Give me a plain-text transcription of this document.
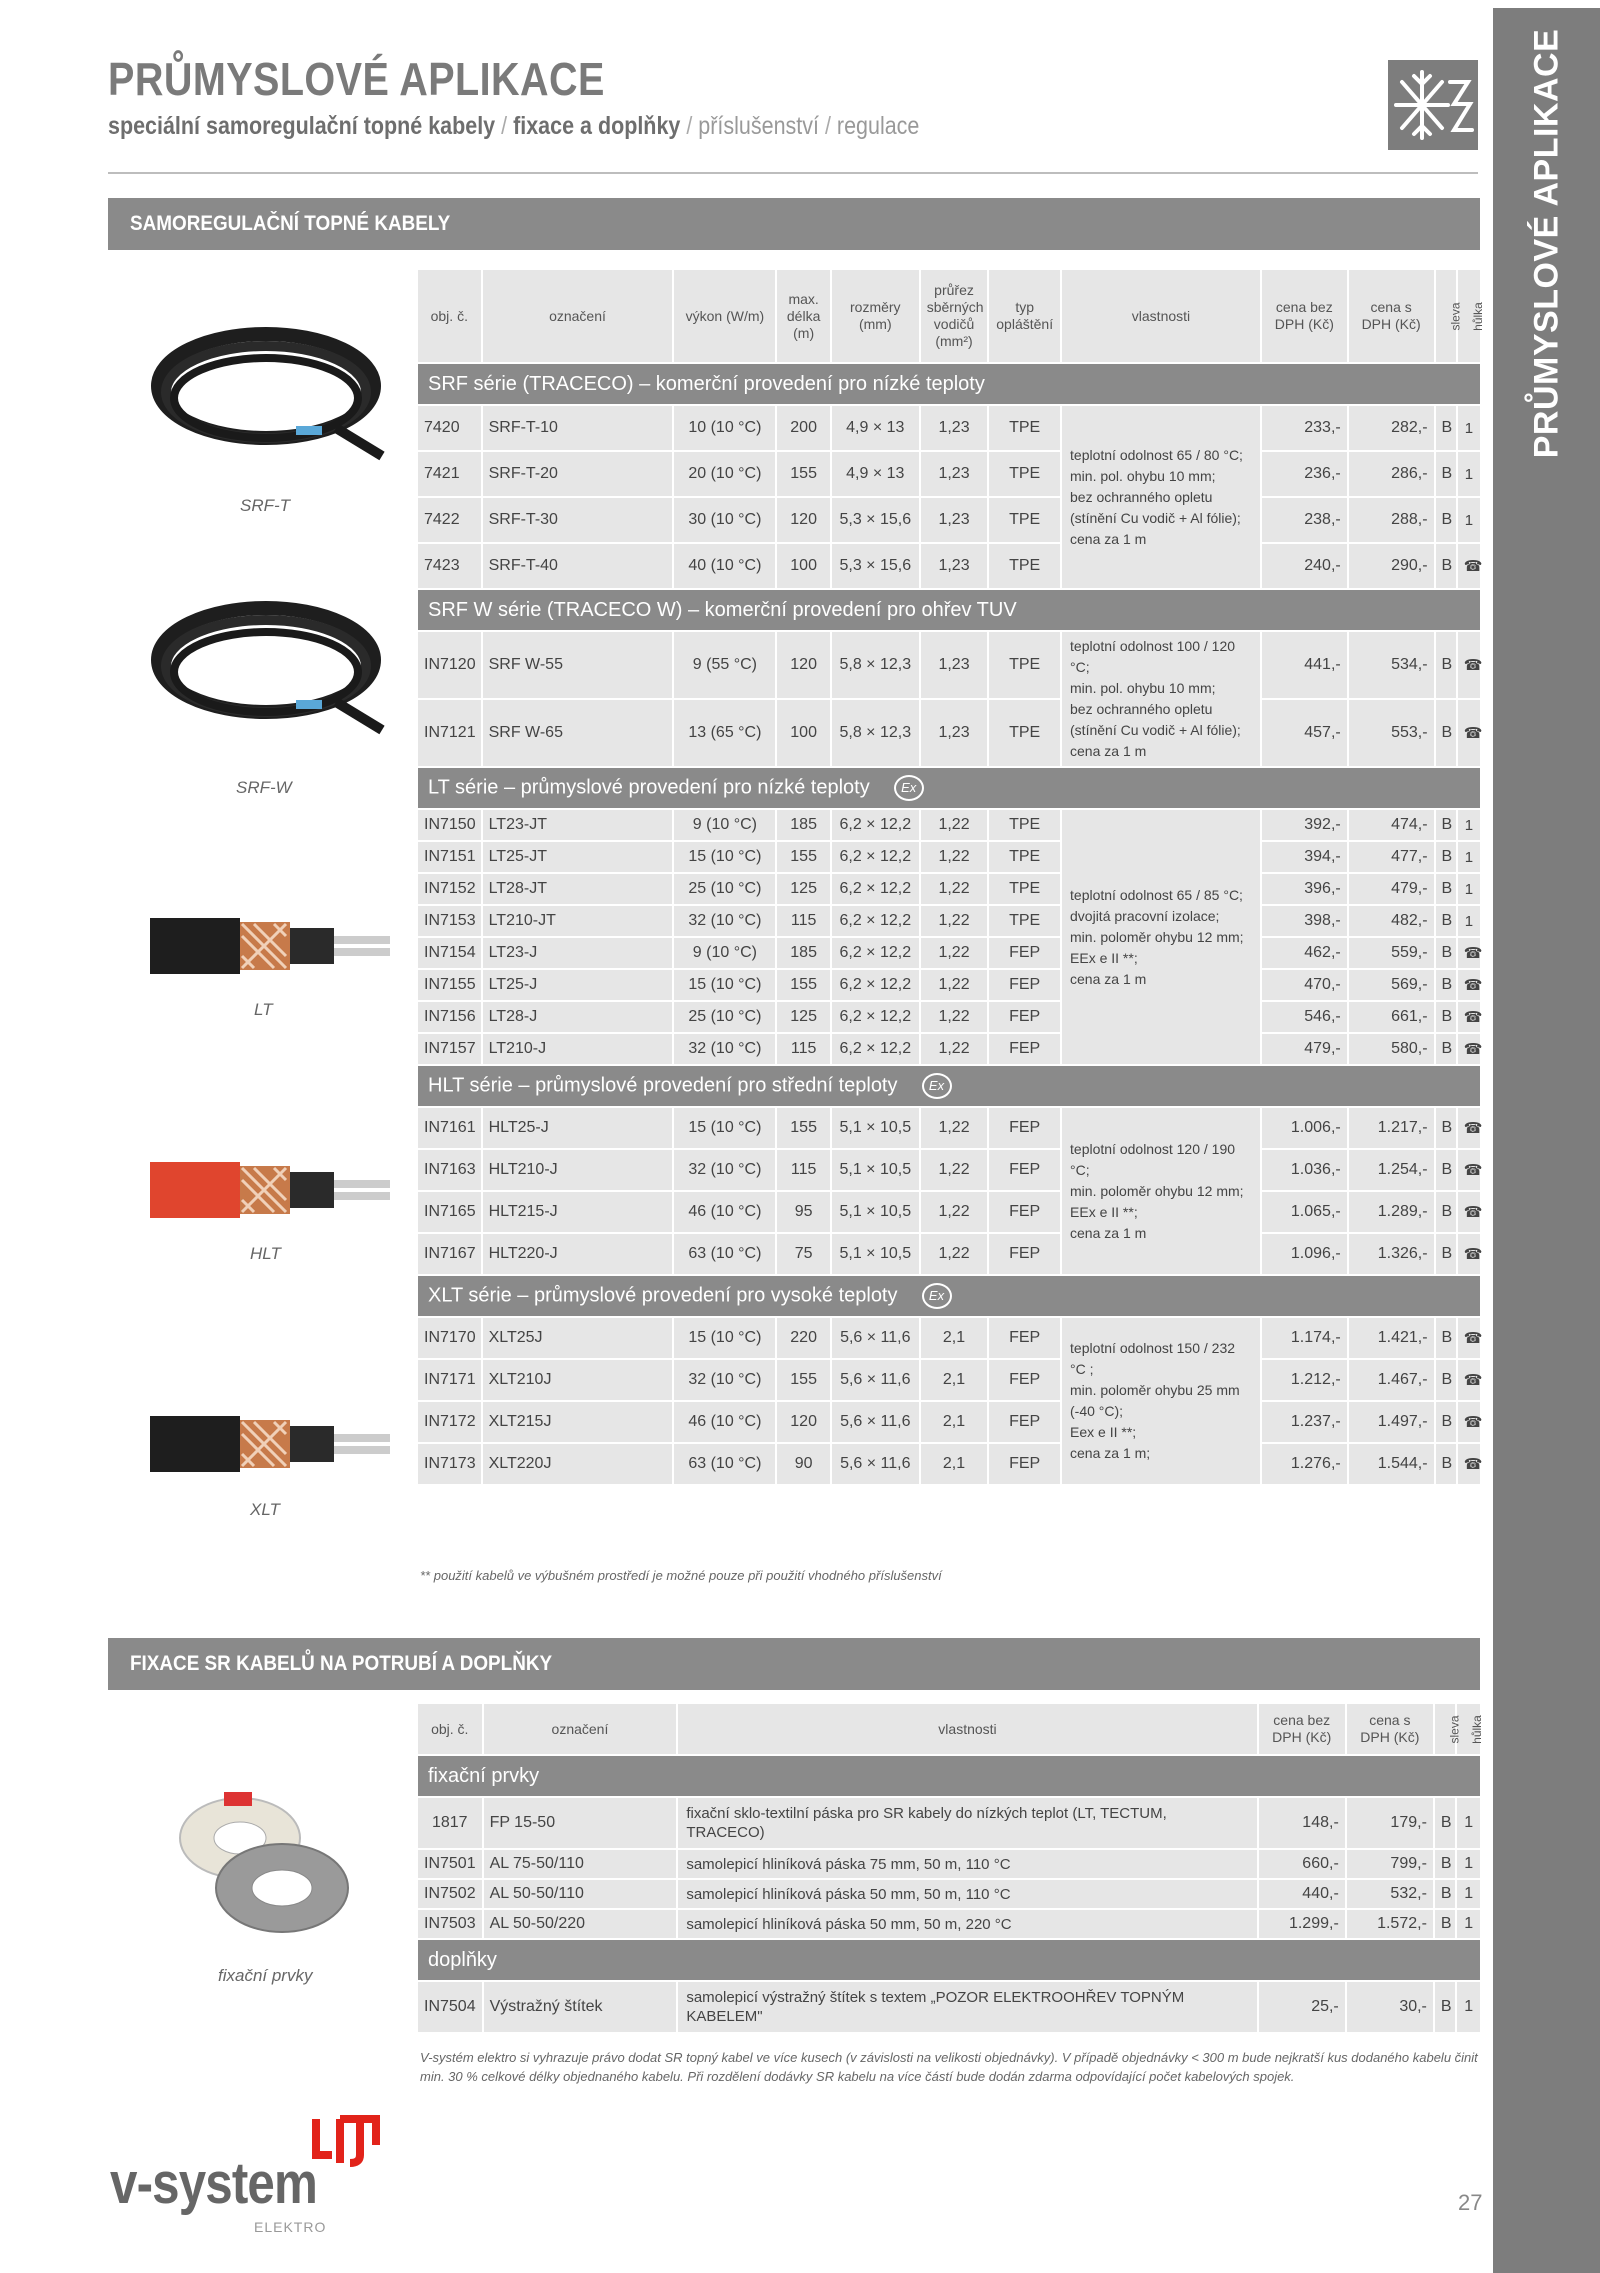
PRŮMYSLOVÉ APLIKACE
speciální samoregulační topné kabely / fixace a doplňky / příslušenství / regulace	PRŮMYSLOVÉ APLIKACE
SAMOREGULAČNÍ TOPNÉ KABELY
SRF-T
SRF-W
LT
HLT
XLT
obj. č.	označení	výkon (W/m)	max. délka (m)	rozměry (mm)	průřez sběrných vodičů (mm²)	typ opláštění	vlastnosti	cena bez DPH (Kč)	cena s DPH (Kč)	sleva	hůlka
SRF série (TRACECO) – komerční provedení pro nízké teploty											
7420	SRF-T-10	10 (10 °C)	200	4,9 × 13	1,23	TPE	teplotní odolnost 65 / 80 °C;
min. pol. ohybu 10 mm;
bez ochranného opletu
(stínění Cu vodič + Al fólie);
cena za 1 m	233,-	282,-	B	1
7421	SRF-T-20	20 (10 °C)	155	4,9 × 13	1,23	TPE		236,-	286,-	B	1
7422	SRF-T-30	30 (10 °C)	120	5,3 × 15,6	1,23	TPE		238,-	288,-	B	1
7423	SRF-T-40	40 (10 °C)	100	5,3 × 15,6	1,23	TPE		240,-	290,-	B	☎
SRF W série (TRACECO W) – komerční provedení pro ohřev TUV											
IN7120	SRF W-55	9 (55 °C)	120	5,8 × 12,3	1,23	TPE	teplotní odolnost 100 / 120 °C;
min. pol. ohybu 10 mm;
bez ochranného opletu
(stínění Cu vodič + Al fólie);
cena za 1 m	441,-	534,-	B	☎
IN7121	SRF W-65	13 (65 °C)	100	5,8 × 12,3	1,23	TPE		457,-	553,-	B	☎
LT série – průmyslové provedení pro nízké teploty Ex											
IN7150	LT23-JT	9 (10 °C)	185	6,2 × 12,2	1,22	TPE	teplotní odolnost 65 / 85 °C;
dvojitá pracovní izolace;
min. poloměr ohybu 12 mm;
EEx e II **;
cena za 1 m	392,-	474,-	B	1
IN7151	LT25-JT	15 (10 °C)	155	6,2 × 12,2	1,22	TPE		394,-	477,-	B	1
IN7152	LT28-JT	25 (10 °C)	125	6,2 × 12,2	1,22	TPE		396,-	479,-	B	1
IN7153	LT210-JT	32 (10 °C)	115	6,2 × 12,2	1,22	TPE		398,-	482,-	B	1
IN7154	LT23-J	9 (10 °C)	185	6,2 × 12,2	1,22	FEP		462,-	559,-	B	☎
IN7155	LT25-J	15 (10 °C)	155	6,2 × 12,2	1,22	FEP		470,-	569,-	B	☎
IN7156	LT28-J	25 (10 °C)	125	6,2 × 12,2	1,22	FEP		546,-	661,-	B	☎
IN7157	LT210-J	32 (10 °C)	115	6,2 × 12,2	1,22	FEP		479,-	580,-	B	☎
HLT série – průmyslové provedení pro střední teploty Ex											
IN7161	HLT25-J	15 (10 °C)	155	5,1 × 10,5	1,22	FEP	teplotní odolnost 120 / 190 °C;
min. poloměr ohybu 12 mm;
EEx e II **;
cena za 1 m	1.006,-	1.217,-	B	☎
IN7163	HLT210-J	32 (10 °C)	115	5,1 × 10,5	1,22	FEP		1.036,-	1.254,-	B	☎
IN7165	HLT215-J	46 (10 °C)	95	5,1 × 10,5	1,22	FEP		1.065,-	1.289,-	B	☎
IN7167	HLT220-J	63 (10 °C)	75	5,1 × 10,5	1,22	FEP		1.096,-	1.326,-	B	☎
XLT série – průmyslové provedení pro vysoké teploty Ex											
IN7170	XLT25J	15 (10 °C)	220	5,6 × 11,6	2,1	FEP	teplotní odolnost 150 / 232 °C ;
min. poloměr ohybu 25 mm
(-40 °C);
Eex e II **;
cena za 1 m;	1.174,-	1.421,-	B	☎
IN7171	XLT210J	32 (10 °C)	155	5,6 × 11,6	2,1	FEP		1.212,-	1.467,-	B	☎
IN7172	XLT215J	46 (10 °C)	120	5,6 × 11,6	2,1	FEP		1.237,-	1.497,-	B	☎
IN7173	XLT220J	63 (10 °C)	90	5,6 × 11,6	2,1	FEP		1.276,-	1.544,-	B	☎
** použití kabelů ve výbušném prostředí je možné pouze při použití vhodného příslušenství
FIXACE SR KABELŮ NA POTRUBÍ A DOPLŇKY
fixační prvky
obj. č.	označení	vlastnosti	cena bez DPH (Kč)	cena s DPH (Kč)	sleva	hůlka
fixační prvky						
1817	FP 15-50	fixační sklo-textilní páska pro SR kabely do nízkých teplot (LT, TECTUM, TRACECO)	148,-	179,-	B	1
IN7501	AL 75-50/110	samolepicí hliníková páska 75 mm, 50 m, 110 °C	660,-	799,-	B	1
IN7502	AL 50-50/110	samolepicí hliníková páska 50 mm, 50 m, 110 °C	440,-	532,-	B	1
IN7503	AL 50-50/220	samolepicí hliníková páska 50 mm, 50 m, 220 °C	1.299,-	1.572,-	B	1
doplňky						
IN7504	Výstražný štítek	samolepicí výstražný štítek s textem „POZOR ELEKTROOHŘEV TOPNÝM KABELEM"	25,-	30,-	B	1
V-systém elektro si vyhrazuje právo dodat SR topný kabel ve více kusech (v závislosti na velikosti objednávky). V případě objednávky < 300 m bude nejkratší kus dodaného kabelu činit min. 30 % celkové délky objednaného kabelu. Při rozdělení dodávky SR kabelu na více částí bude dodán zdarma odpovídající počet kabelových spojek.
v-system
ELEKTRO
27
